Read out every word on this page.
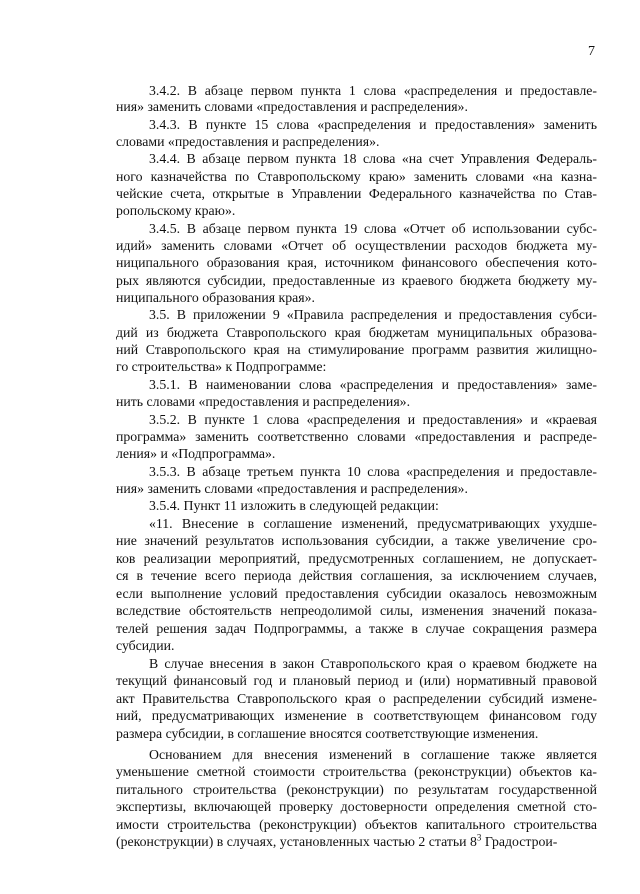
7
3.4.2. В абзаце первом пункта 1 слова «распределения и предоставле-
ния» заменить словами «предоставления и распределения».
3.4.3. В пункте 15 слова «распределения и предоставления» заменить
словами «предоставления и распределения».
3.4.4. В абзаце первом пункта 18 слова «на счет Управления Федераль-
ного казначейства по Ставропольскому краю» заменить словами «на казна-
чейские счета, открытые в Управлении Федерального казначейства по Став-
ропольскому краю».
3.4.5. В абзаце первом пункта 19 слова «Отчет об использовании субс-
идий» заменить словами «Отчет об осуществлении расходов бюджета му-
ниципального образования края, источником финансового обеспечения кото-
рых являются субсидии, предоставленные из краевого бюджета бюджету му-
ниципального образования края».
3.5. В приложении 9 «Правила распределения и предоставления субси-
дий из бюджета Ставропольского края бюджетам муниципальных образова-
ний Ставропольского края на стимулирование программ развития жилищно-
го строительства» к Подпрограмме:
3.5.1. В наименовании слова «распределения и предоставления» заме-
нить словами «предоставления и распределения».
3.5.2. В пункте 1 слова «распределения и предоставления» и «краевая
программа» заменить соответственно словами «предоставления и распреде-
ления» и «Подпрограмма».
3.5.3. В абзаце третьем пункта 10 слова «распределения и предоставле-
ния» заменить словами «предоставления и распределения».
3.5.4. Пункт 11 изложить в следующей редакции:
«11. Внесение в соглашение изменений, предусматривающих ухудше-
ние значений результатов использования субсидии, а также увеличение сро-
ков реализации мероприятий, предусмотренных соглашением, не допускает-
ся в течение всего периода действия соглашения, за исключением случаев,
если выполнение условий предоставления субсидии оказалось невозможным
вследствие обстоятельств непреодолимой силы, изменения значений показа-
телей решения задач Подпрограммы, а также в случае сокращения размера
субсидии.
В случае внесения в закон Ставропольского края о краевом бюджете на
текущий финансовый год и плановый период и (или) нормативный правовой
акт Правительства Ставропольского края о распределении субсидий измене-
ний, предусматривающих изменение в соответствующем финансовом году
размера субсидии, в соглашение вносятся соответствующие изменения.
Основанием для внесения изменений в соглашение также является
уменьшение сметной стоимости строительства (реконструкции) объектов ка-
питального строительства (реконструкции) по результатам государственной
экспертизы, включающей проверку достоверности определения сметной сто-
имости строительства (реконструкции) объектов капитального строительства
(реконструкции) в случаях, установленных частью 2 статьи $8^3$ Градострои-
